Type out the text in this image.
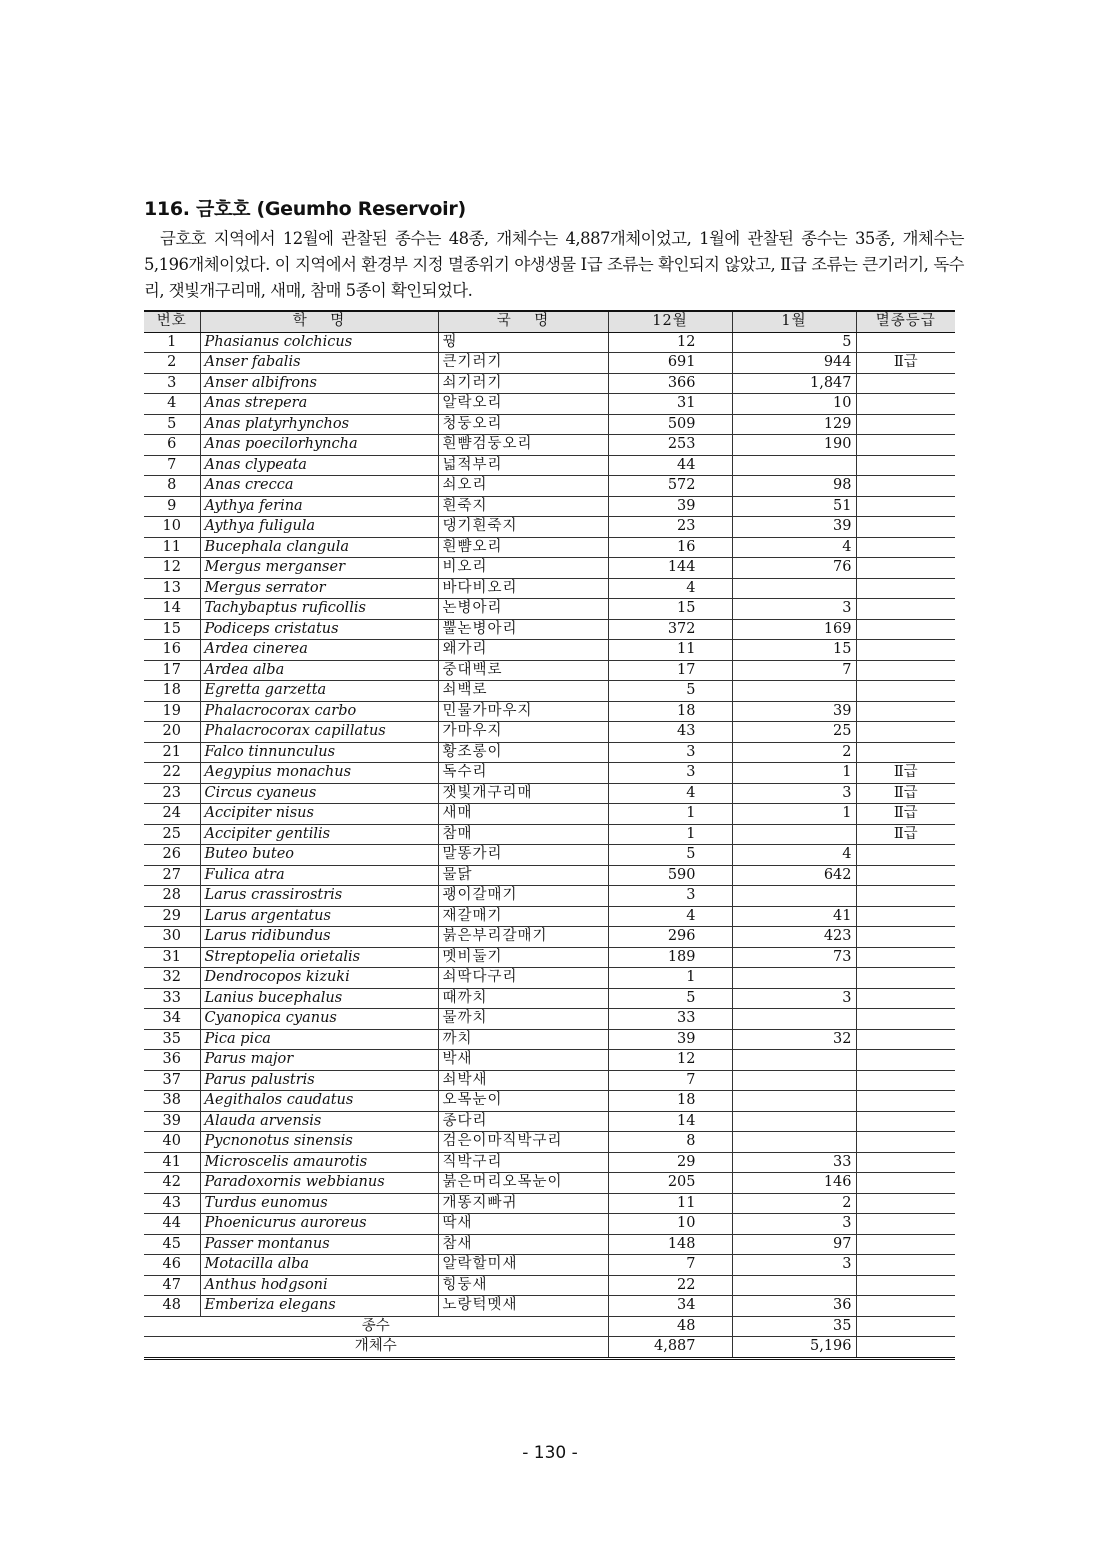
116. 금호호 (Geumho Reservoir)

금호호 지역에서 12월에 관찰된 종수는 48종, 개체수는 4,887개체이었고, 1월에 관찰된 종수는 35종, 개체수는 5,196개체이었다. 이 지역에서 환경부 지정 멸종위기 야생생물 Ⅰ급 조류는 확인되지 않았고, Ⅱ급 조류는 큰기러기, 독수리, 잿빛개구리매, 새매, 참매 5종이 확인되었다.

번호	학    명	국    명	12월	1월	멸종등급
1	Phasianus colchicus	꿩	12	5	
2	Anser fabalis	큰기러기	691	944	Ⅱ급
3	Anser albifrons	쇠기러기	366	1,847	
4	Anas strepera	알락오리	31	10	
5	Anas platyrhynchos	청둥오리	509	129	
6	Anas poecilorhyncha	흰뺨검둥오리	253	190	
7	Anas clypeata	넓적부리	44		
8	Anas crecca	쇠오리	572	98	
9	Aythya ferina	흰죽지	39	51	
10	Aythya fuligula	댕기흰죽지	23	39	
11	Bucephala clangula	흰뺨오리	16	4	
12	Mergus merganser	비오리	144	76	
13	Mergus serrator	바다비오리	4		
14	Tachybaptus ruficollis	논병아리	15	3	
15	Podiceps cristatus	뿔논병아리	372	169	
16	Ardea cinerea	왜가리	11	15	
17	Ardea alba	중대백로	17	7	
18	Egretta garzetta	쇠백로	5		
19	Phalacrocorax carbo	민물가마우지	18	39	
20	Phalacrocorax capillatus	가마우지	43	25	
21	Falco tinnunculus	황조롱이	3	2	
22	Aegypius monachus	독수리	3	1	Ⅱ급
23	Circus cyaneus	잿빛개구리매	4	3	Ⅱ급
24	Accipiter nisus	새매	1	1	Ⅱ급
25	Accipiter gentilis	참매	1		Ⅱ급
26	Buteo buteo	말똥가리	5	4	
27	Fulica atra	물닭	590	642	
28	Larus crassirostris	괭이갈매기	3		
29	Larus argentatus	재갈매기	4	41	
30	Larus ridibundus	붉은부리갈매기	296	423	
31	Streptopelia orietalis	멧비둘기	189	73	
32	Dendrocopos kizuki	쇠딱다구리	1		
33	Lanius bucephalus	때까치	5	3	
34	Cyanopica cyanus	물까치	33		
35	Pica pica	까치	39	32	
36	Parus major	박새	12		
37	Parus palustris	쇠박새	7		
38	Aegithalos caudatus	오목눈이	18		
39	Alauda arvensis	종다리	14		
40	Pycnonotus sinensis	검은이마직박구리	8		
41	Microscelis amaurotis	직박구리	29	33	
42	Paradoxornis webbianus	붉은머리오목눈이	205	146	
43	Turdus eunomus	개똥지빠귀	11	2	
44	Phoenicurus auroreus	딱새	10	3	
45	Passer montanus	참새	148	97	
46	Motacilla alba	알락할미새	7	3	
47	Anthus hodgsoni	힝둥새	22		
48	Emberiza elegans	노랑턱멧새	34	36	
종수			48	35	
개체수			4,887	5,196	
- 130 -
